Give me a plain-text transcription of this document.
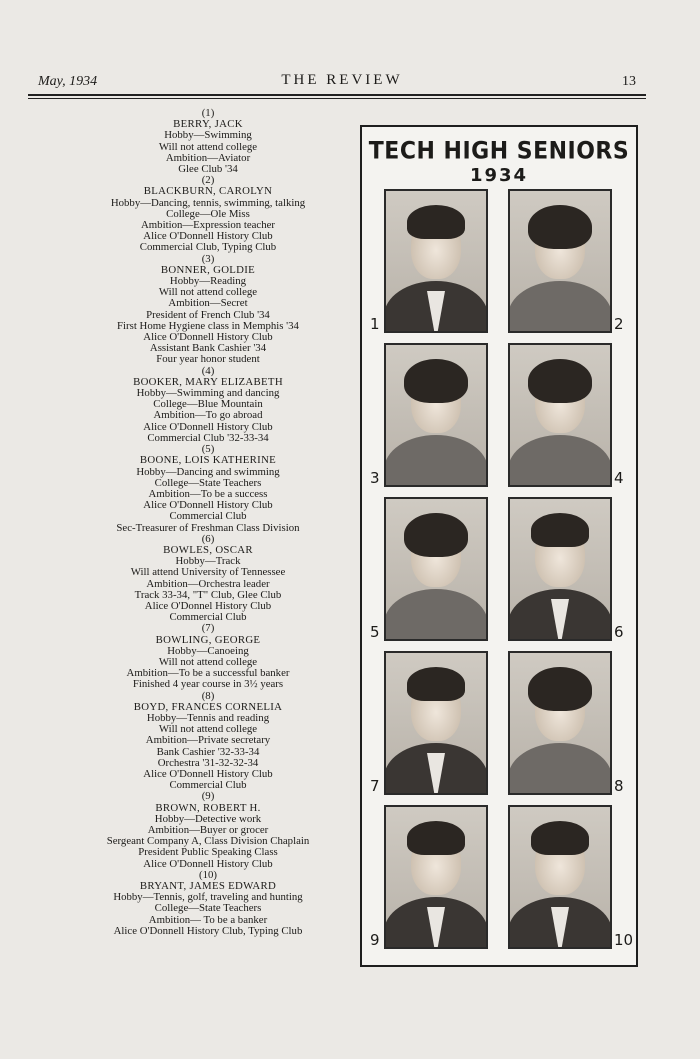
May, 1934	THE REVIEW	13
(1)
BERRY, JACK
Hobby—Swimming
Will not attend college
Ambition—Aviator
Glee Club '34
(2)
BLACKBURN, CAROLYN
Hobby—Dancing, tennis, swimming, talking
College—Ole Miss
Ambition—Expression teacher
Alice O'Donnell History Club
Commercial Club, Typing Club
(3)
BONNER, GOLDIE
Hobby—Reading
Will not attend college
Ambition—Secret
President of French Club '34
First Home Hygiene class in Memphis '34
Alice O'Donnell History Club
Assistant Bank Cashier '34
Four year honor student
(4)
BOOKER, MARY ELIZABETH
Hobby—Swimming and dancing
College—Blue Mountain
Ambition—To go abroad
Alice O'Donnell History Club
Commercial Club '32-33-34
(5)
BOONE, LOIS KATHERINE
Hobby—Dancing and swimming
College—State Teachers
Ambition—To be a success
Alice O'Donnell History Club
Commercial Club
Sec-Treasurer of Freshman Class Division
(6)
BOWLES, OSCAR
Hobby—Track
Will attend University of Tennessee
Ambition—Orchestra leader
Track 33-34, "T" Club, Glee Club
Alice O'Donnel History Club
Commercial Club
(7)
BOWLING, GEORGE
Hobby—Canoeing
Will not attend college
Ambition—To be a successful banker
Finished 4 year course in 3½ years
(8)
BOYD, FRANCES CORNELIA
Hobby—Tennis and reading
Will not attend college
Ambition—Private secretary
Bank Cashier '32-33-34
Orchestra '31-32-32-34
Alice O'Donnell History Club
Commercial Club
(9)
BROWN, ROBERT H.
Hobby—Detective work
Ambition—Buyer or grocer
Sergeant Company A, Class Division Chaplain
President Public Speaking Class
Alice O'Donnell History Club
(10)
BRYANT, JAMES EDWARD
Hobby—Tennis, golf, traveling and hunting
College—State Teachers
Ambition— To be a banker
Alice O'Donnell History Club, Typing Club
TECH HIGH SENIORS
1934
1	2
3	4
5	6
7	8
9	10
